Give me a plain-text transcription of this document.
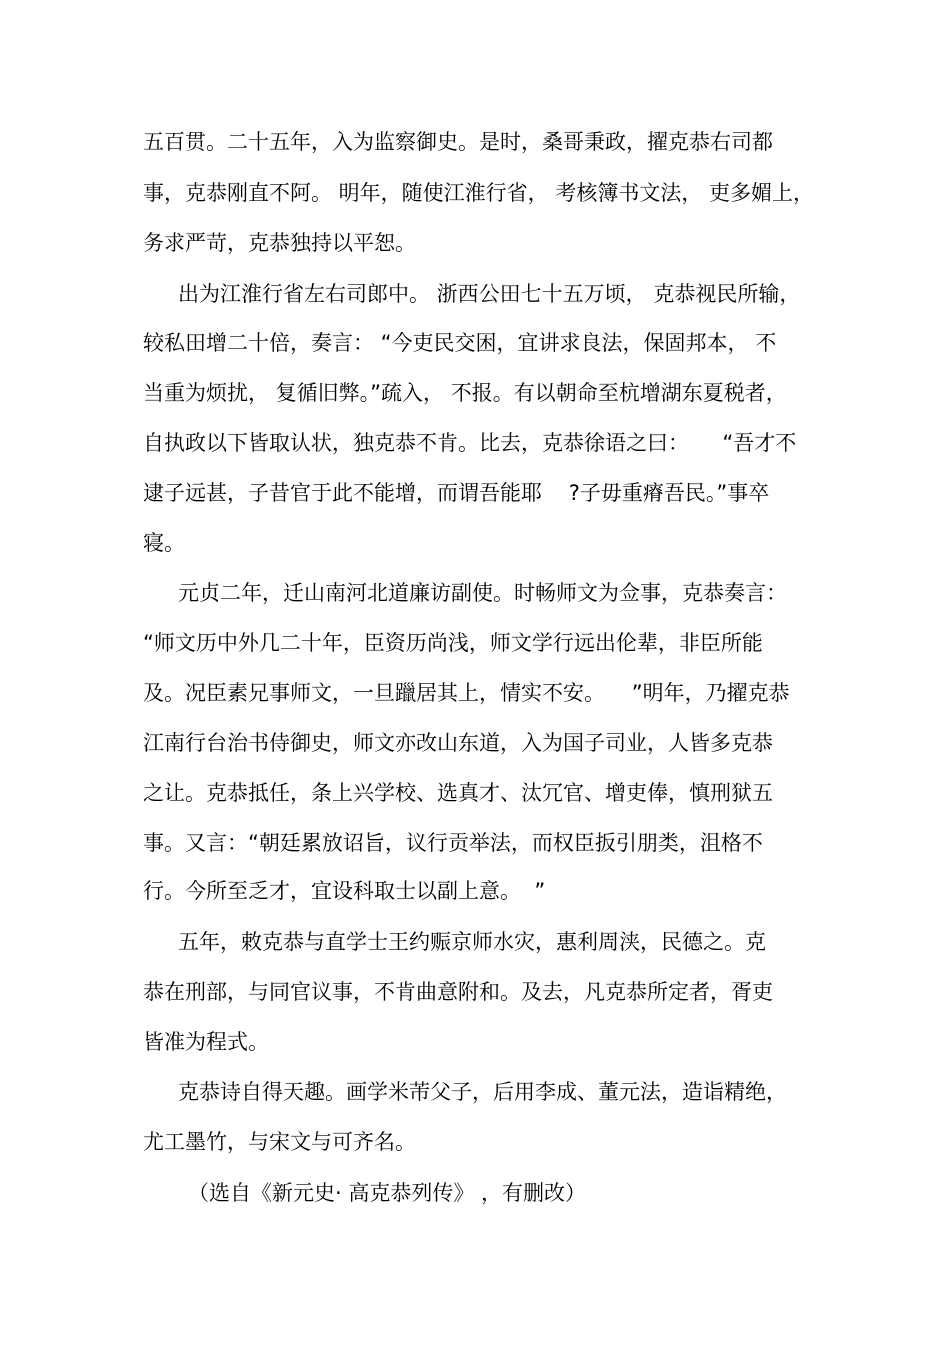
五百贯。二十五年，入为监察御史。是时，桑哥秉政，擢克恭右司都
事，克恭刚直不阿。 明年，随使江淮行省， 考核簿书文法， 吏多媚上，
务求严苛，克恭独持以平恕。
出为江淮行省左右司郎中。 浙西公田七十五万顷， 克恭视民所输，
较私田增二十倍，奏言： “今吏民交困，宜讲求良法，保固邦本， 不
当重为烦扰， 复循旧弊。”疏入， 不报。有以朝命至杭增湖东夏税者，
自执政以下皆取认状，独克恭不肯。比去，克恭徐语之曰：     “吾才不
逮子远甚，子昔官于此不能增，而谓吾能耶    ?子毋重瘠吾民。”事卒
寝。
元贞二年，迁山南河北道廉访副使。时畅师文为佥事，克恭奏言：
“师文历中外几二十年，臣资历尚浅，师文学行远出伦辈，非臣所能
及。况臣素兄事师文，一旦躐居其上，情实不安。    ”明年，乃擢克恭
江南行台治书侍御史，师文亦改山东道，入为国子司业，人皆多克恭
之让。克恭抵任，条上兴学校、选真才、汰冗官、增吏俸，慎刑狱五
事。又言：“朝廷累放诏旨，议行贡举法，而权臣扳引朋类，沮格不
行。今所至乏才，宜设科取士以副上意。  ”
五年，敕克恭与直学士王约赈京师水灾，惠利周浃，民德之。克
恭在刑部，与同官议事，不肯曲意附和。及去，凡克恭所定者，胥吏
皆准为程式。
克恭诗自得天趣。画学米芾父子，后用李成、董元法，造诣精绝，
尤工墨竹，与宋文与可齐名。
（选自《新元史· 高克恭列传》 ，有删改）
